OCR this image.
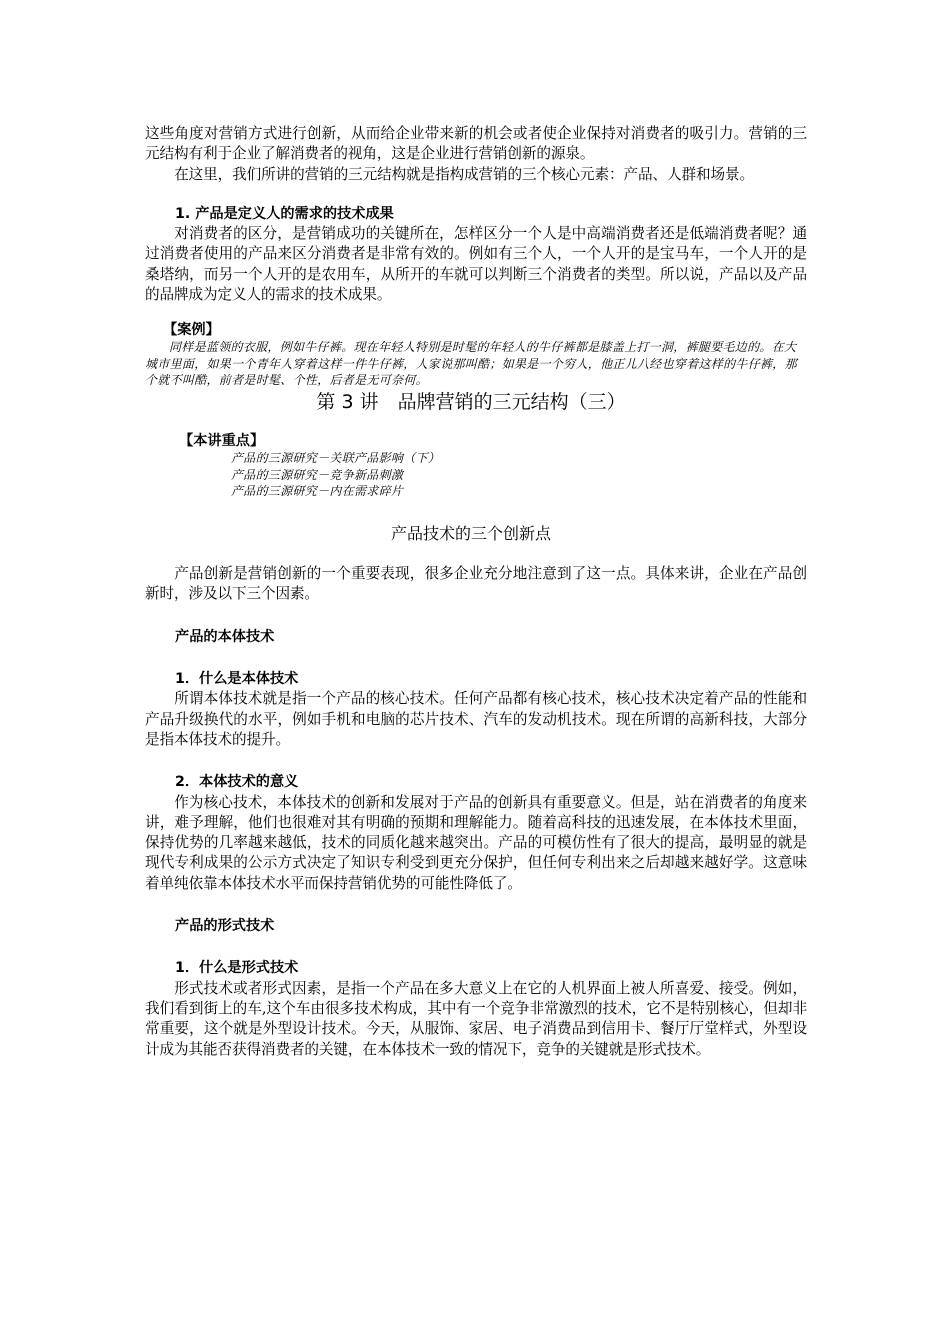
这些角度对营销方式进行创新，从而给企业带来新的机会或者使企业保持对消费者的吸引力。营销的三元结构有利于企业了解消费者的视角，这是企业进行营销创新的源泉。

在这里，我们所讲的营销的三元结构就是指构成营销的三个核心元素：产品、人群和场景。

1. 产品是定义人的需求的技术成果

对消费者的区分，是营销成功的关键所在，怎样区分一个人是中高端消费者还是低端消费者呢？通过消费者使用的产品来区分消费者是非常有效的。例如有三个人，一个人开的是宝马车，一个人开的是桑塔纳，而另一个人开的是农用车，从所开的车就可以判断三个消费者的类型。所以说，产品以及产品的品牌成为定义人的需求的技术成果。

【案例】

同样是蓝领的衣服，例如牛仔裤。现在年轻人特别是时髦的年轻人的牛仔裤都是膝盖上打一洞，裤腿要毛边的。在大城市里面，如果一个青年人穿着这样一件牛仔裤，人家说那叫酷；如果是一个穷人，他正儿八经也穿着这样的牛仔裤，那个就不叫酷，前者是时髦、个性，后者是无可奈何。

第 3 讲　品牌营销的三元结构（三）

【本讲重点】

产品的三源研究－关联产品影响（下）

产品的三源研究－竞争新品刺激

产品的三源研究－内在需求碎片

产品技术的三个创新点

产品创新是营销创新的一个重要表现，很多企业充分地注意到了这一点。具体来讲，企业在产品创新时，涉及以下三个因素。

产品的本体技术

1．什么是本体技术

所谓本体技术就是指一个产品的核心技术。任何产品都有核心技术，核心技术决定着产品的性能和产品升级换代的水平，例如手机和电脑的芯片技术、汽车的发动机技术。现在所谓的高新科技，大部分是指本体技术的提升。

2．本体技术的意义

作为核心技术，本体技术的创新和发展对于产品的创新具有重要意义。但是，站在消费者的角度来讲，难予理解，他们也很难对其有明确的预期和理解能力。随着高科技的迅速发展，在本体技术里面，保持优势的几率越来越低，技术的同质化越来越突出。产品的可模仿性有了很大的提高，最明显的就是现代专利成果的公示方式决定了知识专利受到更充分保护，但任何专利出来之后却越来越好学。这意味着单纯依靠本体技术水平而保持营销优势的可能性降低了。

产品的形式技术

1．什么是形式技术

形式技术或者形式因素，是指一个产品在多大意义上在它的人机界面上被人所喜爱、接受。例如，我们看到街上的车,这个车由很多技术构成，其中有一个竞争非常激烈的技术，它不是特别核心，但却非常重要，这个就是外型设计技术。今天，从服饰、家居、电子消费品到信用卡、餐厅厅堂样式，外型设计成为其能否获得消费者的关键，在本体技术一致的情况下，竞争的关键就是形式技术。
